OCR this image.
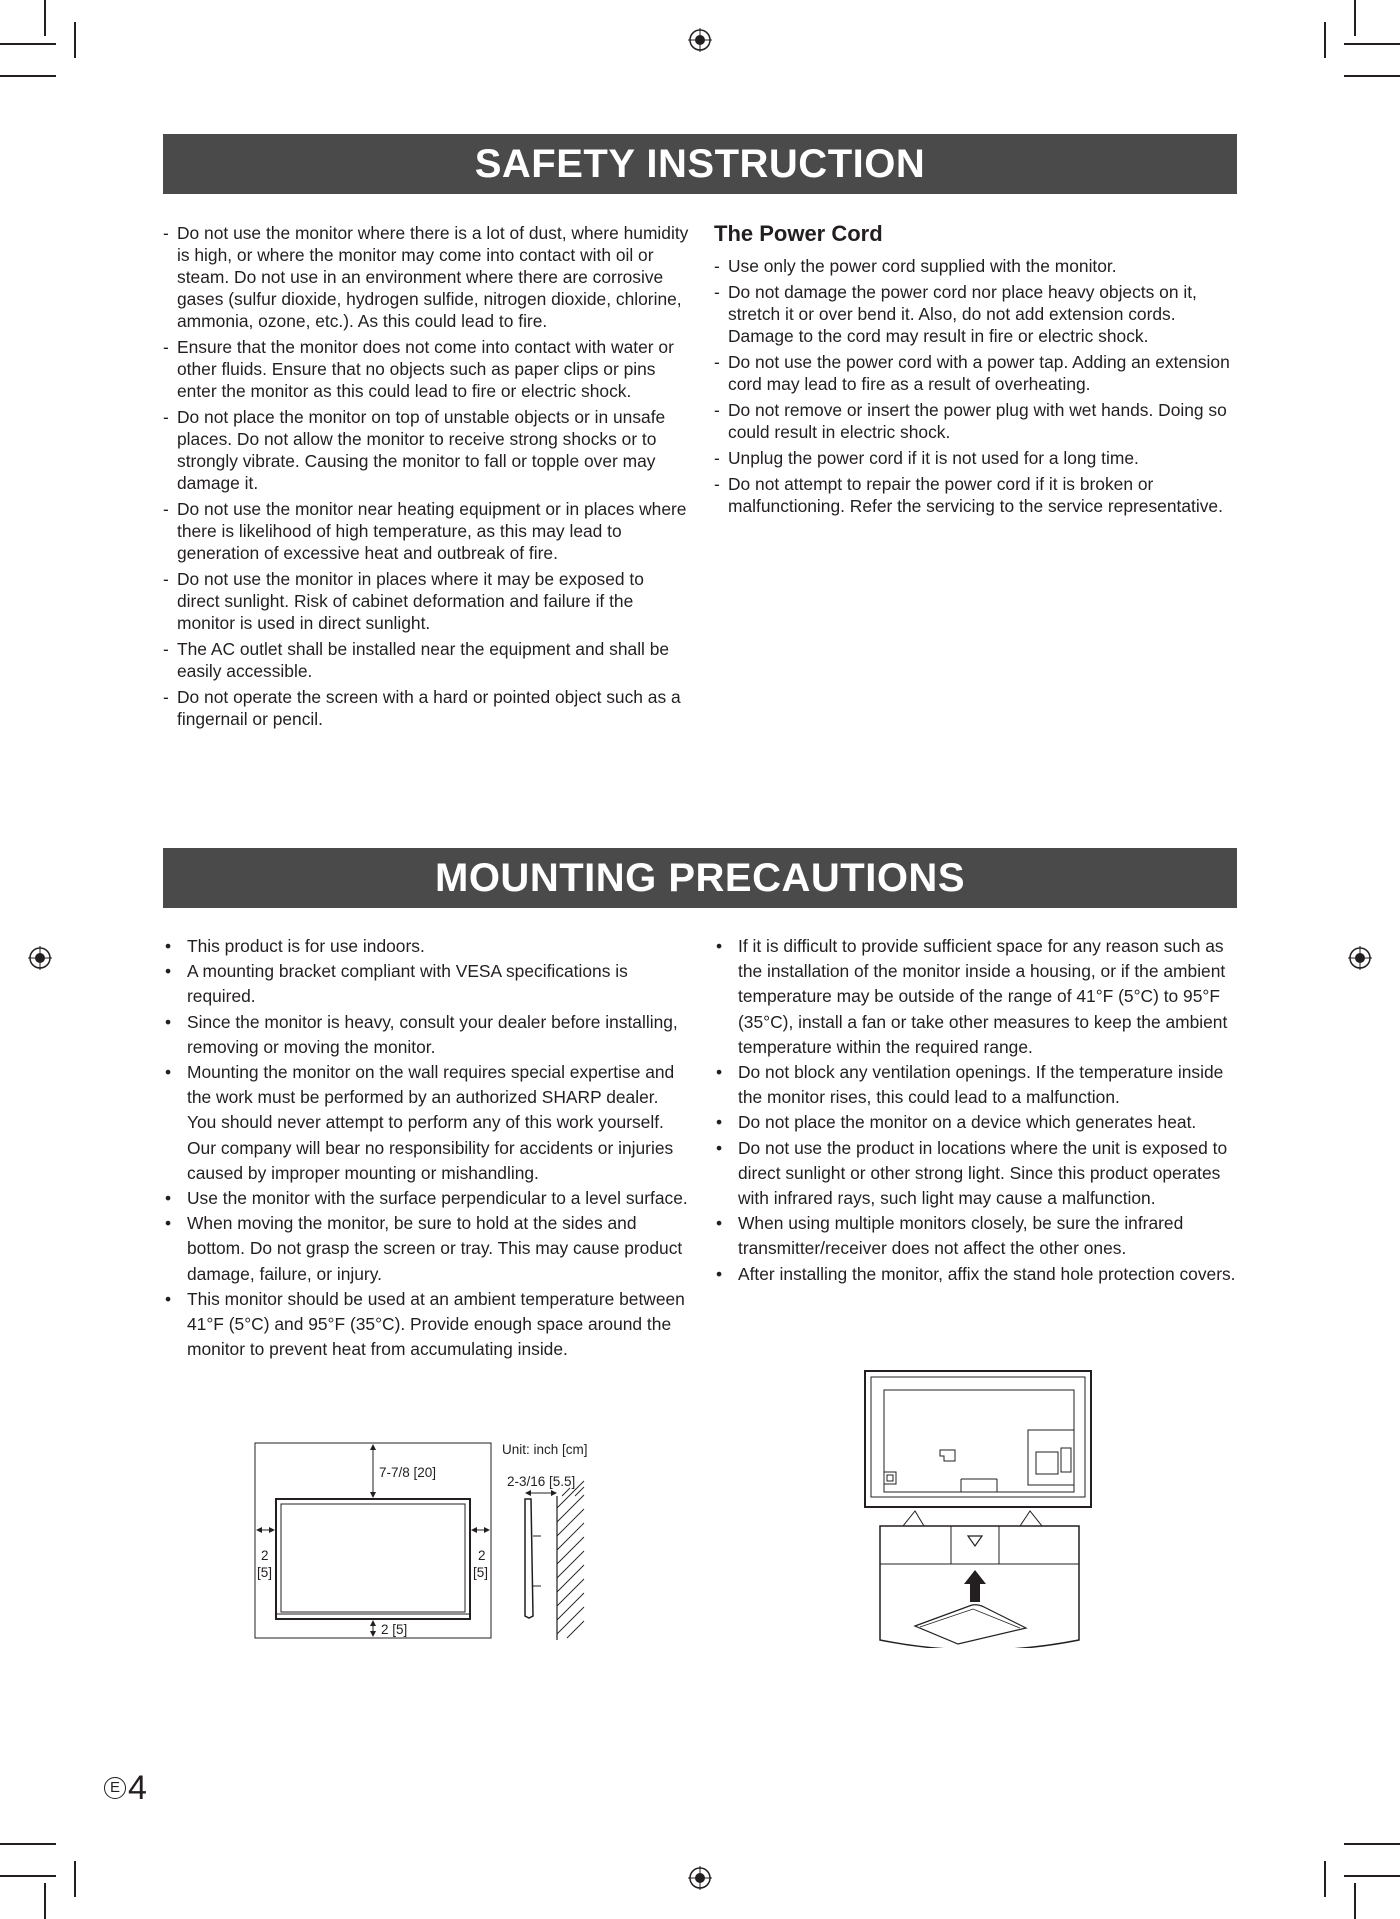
SAFETY INSTRUCTION
- Do not use the monitor where there is a lot of dust, where humidity is high, or where the monitor may come into contact with oil or steam. Do not use in an environment where there are corrosive gases (sulfur dioxide, hydrogen sulfide, nitrogen dioxide, chlorine, ammonia, ozone, etc.). As this could lead to fire.
- Ensure that the monitor does not come into contact with water or other fluids. Ensure that no objects such as paper clips or pins enter the monitor as this could lead to fire or electric shock.
- Do not place the monitor on top of unstable objects or in unsafe places. Do not allow the monitor to receive strong shocks or to strongly vibrate. Causing the monitor to fall or topple over may damage it.
- Do not use the monitor near heating equipment or in places where there is likelihood of high temperature, as this may lead to generation of excessive heat and outbreak of fire.
- Do not use the monitor in places where it may be exposed to direct sunlight. Risk of cabinet deformation and failure if the monitor is used in direct sunlight.
- The AC outlet shall be installed near the equipment and shall be easily accessible.
- Do not operate the screen with a hard or pointed object such as a fingernail or pencil.
The Power Cord
- Use only the power cord supplied with the monitor.
- Do not damage the power cord nor place heavy objects on it, stretch it or over bend it. Also, do not add extension cords. Damage to the cord may result in fire or electric shock.
- Do not use the power cord with a power tap. Adding an extension cord may lead to fire as a result of overheating.
- Do not remove or insert the power plug with wet hands. Doing so could result in electric shock.
- Unplug the power cord if it is not used for a long time.
- Do not attempt to repair the power cord if it is broken or malfunctioning. Refer the servicing to the service representative.
MOUNTING PRECAUTIONS
• This product is for use indoors.
• A mounting bracket compliant with VESA specifications is required.
• Since the monitor is heavy, consult your dealer before installing, removing or moving the monitor.
• Mounting the monitor on the wall requires special expertise and the work must be performed by an authorized SHARP dealer. You should never attempt to perform any of this work yourself. Our company will bear no responsibility for accidents or injuries caused by improper mounting or mishandling.
• Use the monitor with the surface perpendicular to a level surface.
• When moving the monitor, be sure to hold at the sides and bottom. Do not grasp the screen or tray. This may cause product damage, failure, or injury.
• This monitor should be used at an ambient temperature between 41°F (5°C) and 95°F (35°C). Provide enough space around the monitor to prevent heat from accumulating inside.
• If it is difficult to provide sufficient space for any reason such as the installation of the monitor inside a housing, or if the ambient temperature may be outside of the range of 41°F (5°C) to 95°F (35°C), install a fan or take other measures to keep the ambient temperature within the required range.
• Do not block any ventilation openings. If the temperature inside the monitor rises, this could lead to a malfunction.
• Do not place the monitor on a device which generates heat.
• Do not use the product in locations where the unit is exposed to direct sunlight or other strong light. Since this product operates with infrared rays, such light may cause a malfunction.
• When using multiple monitors closely, be sure the infrared transmitter/receiver does not affect the other ones.
• After installing the monitor, affix the stand hole protection covers.
7-7/8 [20]
2
[5]
2
[5]
2 [5]
Unit: inch [cm]
2-3/16 [5.5]
E 4
